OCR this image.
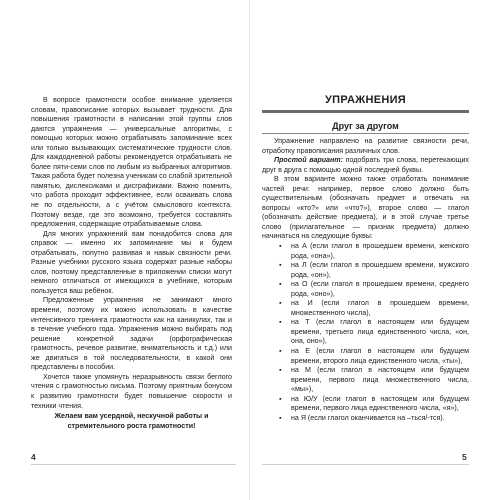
В вопросе грамотности особое внимание уделяется словам, правописание которых вызывает трудности. Для повышения грамотности в написании этой группы слов даются упражнения — универсальные алгоритмы, с помощью которых можно отрабатывать запоминание всех или только вызывающих систематические трудности слов. Для каждодневной работы рекомендуется отрабатывать не более пяти-семи слов по любым из выбранных алгоритмов. Такая работа будет полезна ученикам со слабой зрительной памятью, дислексиками и дисграфиками. Важно помнить, что работа проходит эффективнее, если осваивать слова не по отдельности, а с учётом смыслового контекста. Поэтому везде, где это возможно, требуется составлять предложения, содержащие отрабатываемые слова.

Для многих упражнений вам понадобится слова для справок — именно их запоминание мы и будем отрабатывать, попутно развивая и навык связности речи. Разные учебники русского языка содержат разные наборы слов, поэтому представленные в приложении списки могут немного отличаться от имеющихся в учебнике, которым пользуется ваш ребёнок.

Предложенные упражнения не занимают много времени, поэтому их можно использовать в качестве интенсивного тренинга грамотности как на каникулах, так и в течение учебного года. Упражнения можно выбирать под решение конкретной задачи (орфографическая грамотность, речевое развитие, внимательность и т.д.) или же двигаться в той последовательности, в какой они представлены в пособии.

Хочется также упомянуть неразрывность связи беглого чтения с грамотностью письма. Поэтому приятным бонусом к развитию грамотности будет повышение скорости и техники чтения.

Желаем вам усердной, нескучной работы и стремительного роста грамотности!

4
УПРАЖНЕНИЯ
Друг за другом

Упражнение направлено на развитие связности речи, отработку правописания различных слов.

Простой вариант: подобрать три слова, перетекающих друг в друга с помощью одной последней буквы.

В этом варианте можно также отработать понимание частей речи: например, первое слово должно быть существительным (обозначать предмет и отвечать на вопросы «кто?» или «что?»), второе слово — глагол (обозначать действие предмета), и в этой случае третье слово (прилагательное — признак предмета) должно начинаться на следующие буквы:

▪ на А (если глагол в прошедшем времени, женского рода, «она»),
▪ на Л (если глагол в прошедшем времени, мужского рода, «он»),
▪ на О (если глагол в прошедшем времени, среднего рода, «оно»),
▪ на И (если глагол в прошедшем времени, множественного числа),
▪ на Т (если глагол в настоящем или будущем времени, третьего лица единственного числа, «он, она, оно»),
▪ на Е (если глагол в настоящем или будущем времени, второго лица единственного числа, «ты»),
▪ на М (если глагол в настоящем или будущем времени, первого лица множественного числа, «мы»),
▪ на Ю/У (если глагол в настоящем или будущем времени, первого лица единственного числа, «я»),
▪ на Я (если глагол оканчивается на –ться/-тся).
5
